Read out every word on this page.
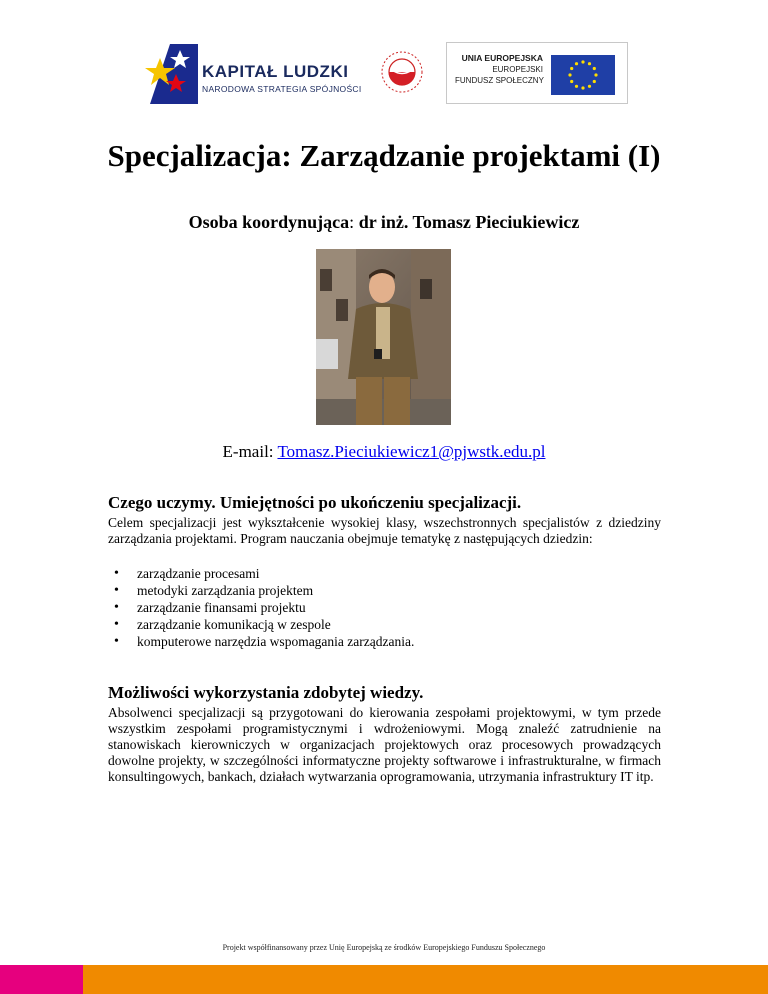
KAPITAŁ LUDZKI
NARODOWA STRATEGIA SPÓJNOŚCI
UNIA EUROPEJSKA
EUROPEJSKI
FUNDUSZ SPOŁECZNY
Specjalizacja: Zarządzanie projektami (I)
Osoba koordynująca: dr inż. Tomasz Pieciukiewicz
E-mail: Tomasz.Pieciukiewicz1@pjwstk.edu.pl
Czego uczymy. Umiejętności po ukończeniu specjalizacji.

Celem specjalizacji jest wykształcenie wysokiej klasy, wszechstronnych specjalistów z dziedziny zarządzania projektami. Program nauczania obejmuje tematykę z następujących dziedzin:

• zarządzanie procesami
• metodyki zarządzania projektem
• zarządzanie finansami projektu
• zarządzanie komunikacją w zespole
• komputerowe narzędzia wspomagania zarządzania.
Możliwości wykorzystania zdobytej wiedzy.

Absolwenci specjalizacji są przygotowani do kierowania zespołami projektowymi, w tym przede wszystkim zespołami programistycznymi i wdrożeniowymi. Mogą znaleźć zatrudnienie na stanowiskach kierowniczych w organizacjach projektowych oraz procesowych prowadzących dowolne projekty, w szczególności informatyczne projekty softwarowe i infrastrukturalne, w firmach konsultingowych, bankach, działach wytwarzania oprogramowania, utrzymania infrastruktury IT itp.

Projekt współfinansowany przez Unię Europejską ze środków Europejskiego Funduszu Społecznego
